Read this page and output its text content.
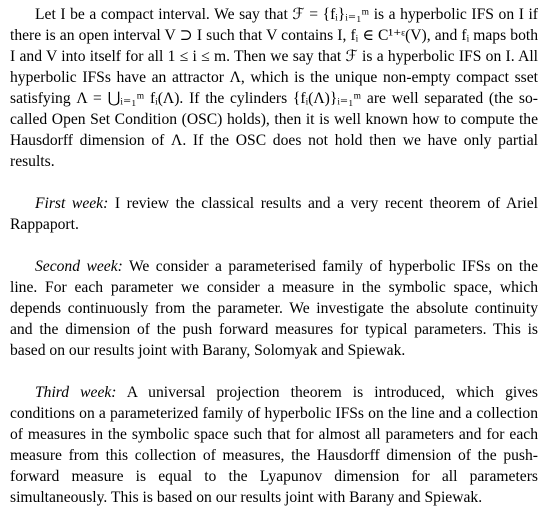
Let I be a compact interval. We say that ℱ = {fᵢ}ᵢ₌₁ᵐ is a hyperbolic IFS on I if there is an open interval V ⊃ I such that V contains I, fᵢ ∈ C¹⁺ᵋ(V), and fᵢ maps both I and V into itself for all 1 ≤ i ≤ m. Then we say that ℱ is a hyperbolic IFS on I. All hyperbolic IFSs have an attractor Λ, which is the unique non-empty compact sset satisfying Λ = ⋃ᵢ₌₁ᵐ fᵢ(Λ). If the cylinders {fᵢ(Λ)}ᵢ₌₁ᵐ are well separated (the so-called Open Set Condition (OSC) holds), then it is well known how to compute the Hausdorff dimension of Λ. If the OSC does not hold then we have only partial results.

First week: I review the classical results and a very recent theorem of Ariel Rappaport.

Second week: We consider a parameterised family of hyperbolic IFSs on the line. For each parameter we consider a measure in the symbolic space, which depends continuously from the parameter. We investigate the absolute continuity and the dimension of the push forward measures for typical parameters. This is based on our results joint with Barany, Solomyak and Spiewak.

Third week: A universal projection theorem is introduced, which gives conditions on a parameterized family of hyperbolic IFSs on the line and a collection of measures in the symbolic space such that for almost all parameters and for each measure from this collection of measures, the Hausdorff dimension of the push-forward measure is equal to the Lyapunov dimension for all parameters simultaneously. This is based on our results joint with Barany and Spiewak.
